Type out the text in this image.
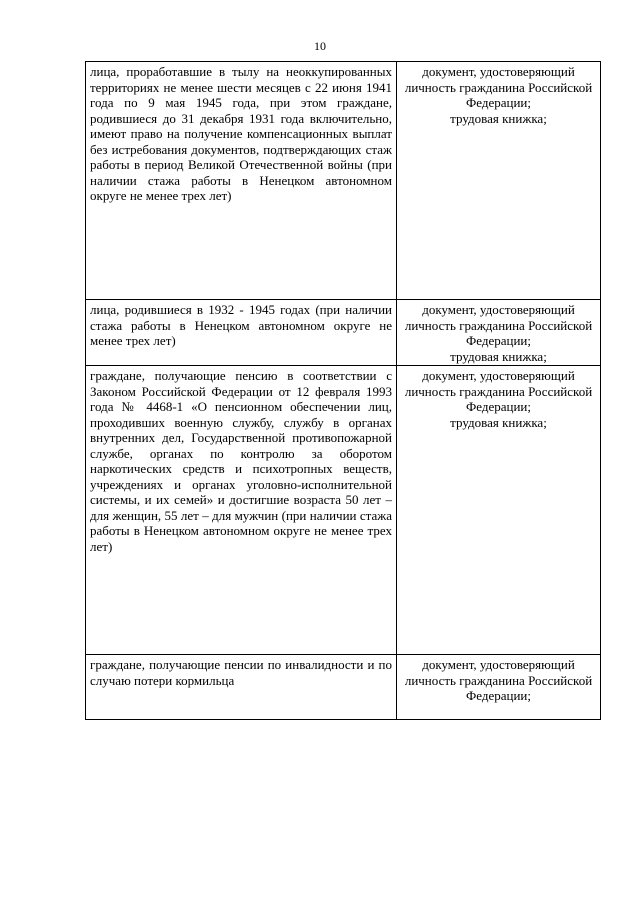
10
лица, проработавшие в тылу на неоккупированных территориях не менее шести месяцев с 22 июня 1941 года по 9 мая 1945 года, при этом граждане, родившиеся до 31 декабря 1931 года включительно, имеют право на получение компенсационных выплат без истребования документов, подтверждающих стаж работы в период Великой Отечественной войны (при наличии стажа работы в Ненецком автономном округе не менее трех лет)	документ, удостоверяющий личность гражданина Российской Федерации;
трудовая книжка;

лица, родившиеся в 1932 - 1945 годах (при наличии стажа работы в Ненецком автономном округе не менее трех лет)	документ, удостоверяющий личность гражданина Российской Федерации;
трудовая книжка;

граждане, получающие пенсию в соответствии с Законом Российской Федерации от 12 февраля 1993 года № 4468-1 «О пенсионном обеспечении лиц, проходивших военную службу, службу в органах внутренних дел, Государственной противопожарной службе, органах по контролю за оборотом наркотических средств и психотропных веществ, учреждениях и органах уголовно-исполнительной системы, и их семей» и достигшие возраста 50 лет – для женщин, 55 лет – для мужчин (при наличии стажа работы в Ненецком автономном округе не менее трех лет)	документ, удостоверяющий личность гражданина Российской Федерации;
трудовая книжка;

граждане, получающие пенсии по инвалидности и по случаю потери кормильца	документ, удостоверяющий личность гражданина Российской Федерации;
